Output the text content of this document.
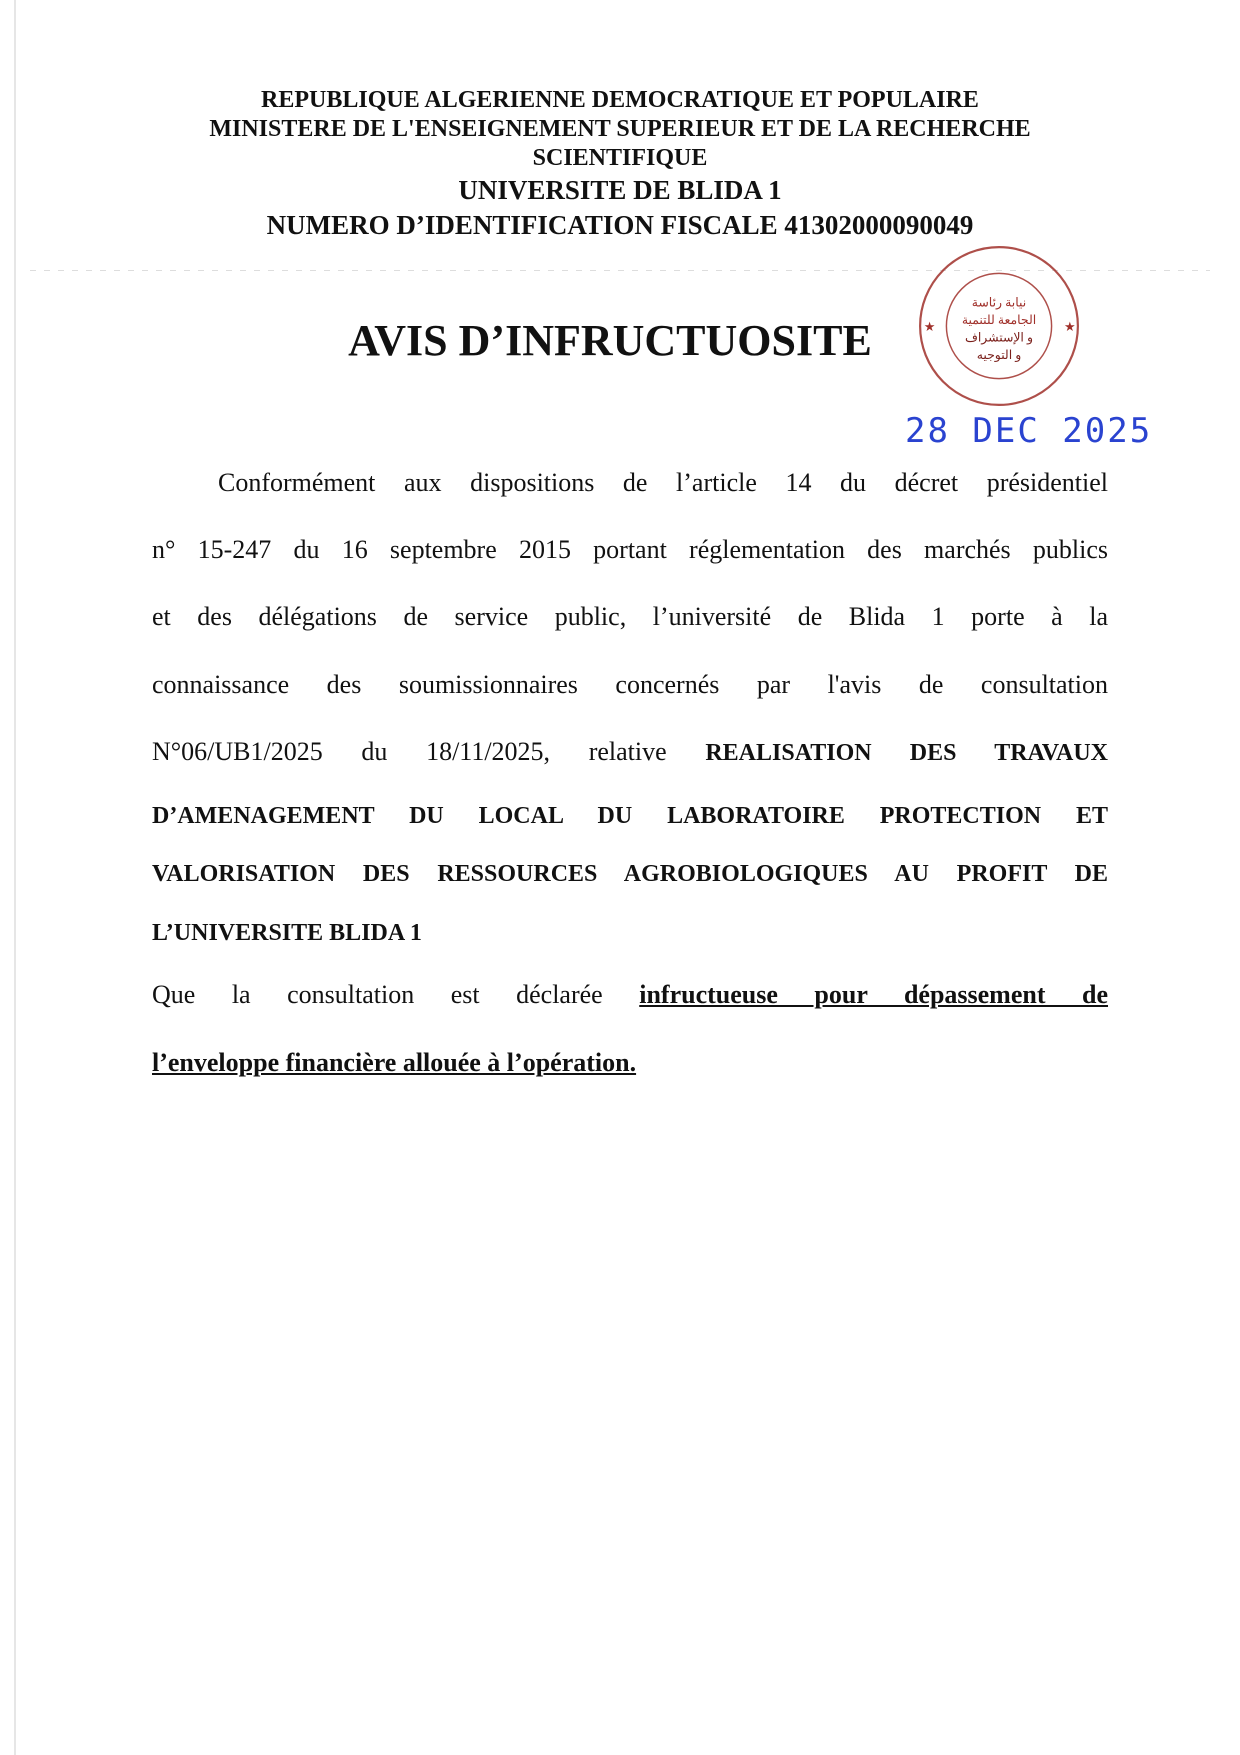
REPUBLIQUE ALGERIENNE DEMOCRATIQUE ET POPULAIRE
MINISTERE DE L'ENSEIGNEMENT SUPERIEUR ET DE LA RECHERCHE
SCIENTIFIQUE
UNIVERSITE DE BLIDA 1
NUMERO D’IDENTIFICATION FISCALE 41302000090049
AVIS D’INFRUCTUOSITE
نيابة رئاسة
الجامعة للتنمية
و الإستشراف
و التوجيه
★
★
28 DEC 2025
Conformément aux dispositions de l’article 14 du décret présidentiel
n° 15-247 du 16 septembre 2015 portant réglementation des marchés publics
et des délégations de service public, l’université de Blida 1 porte à la
connaissance des soumissionnaires concernés par l'avis de consultation
N°06/UB1/2025 du 18/11/2025, relative REALISATION DES TRAVAUX
D’AMENAGEMENT DU LOCAL DU LABORATOIRE PROTECTION ET
VALORISATION DES RESSOURCES AGROBIOLOGIQUES AU PROFIT DE
L’UNIVERSITE BLIDA 1
Que la consultation est déclarée infructueuse pour dépassement de
l’enveloppe financière allouée à l’opération.
